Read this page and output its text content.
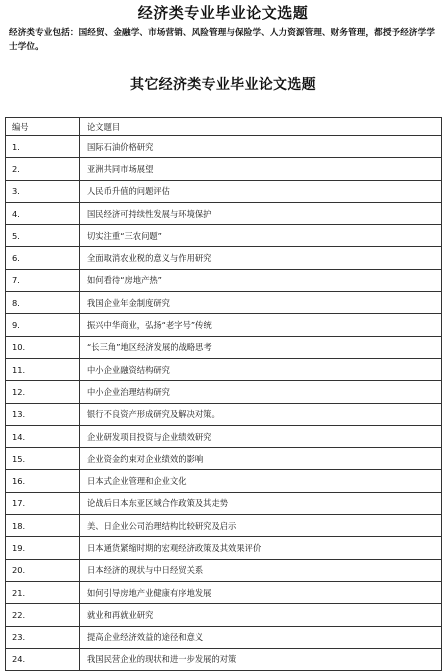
经济类专业毕业论文选题
经济类专业包括：国经贸、金融学、市场营销、风险管理与保险学、人力资源管理、财务管理，都授予经济学学士学位。
其它经济类专业毕业论文选题
编号	论文题目
1.	国际石油价格研究
2.	亚洲共同市场展望
3.	人民币升值的问题评估
4.	国民经济可持续性发展与环境保护
5.	切实注重“三农问题”
6.	全面取消农业税的意义与作用研究
7.	如何看待“房地产热”
8.	我国企业年金制度研究
9.	振兴中华商业，弘扬“老字号”传统
10.	“长三角”地区经济发展的战略思考
11.	中小企业融资结构研究
12.	中小企业治理结构研究
13.	银行不良资产形成研究及解决对策。
14.	企业研发项目投资与企业绩效研究
15.	企业资金约束对企业绩效的影响
16.	日本式企业管理和企业文化
17.	论战后日本东亚区域合作政策及其走势
18.	美、日企业公司治理结构比较研究及启示
19.	日本通货紧缩时期的宏观经济政策及其效果评价
20.	日本经济的现状与中日经贸关系
21.	如何引导房地产业健康有序地发展
22.	就业和再就业研究
23.	提高企业经济效益的途径和意义
24.	我国民营企业的现状和进一步发展的对策
